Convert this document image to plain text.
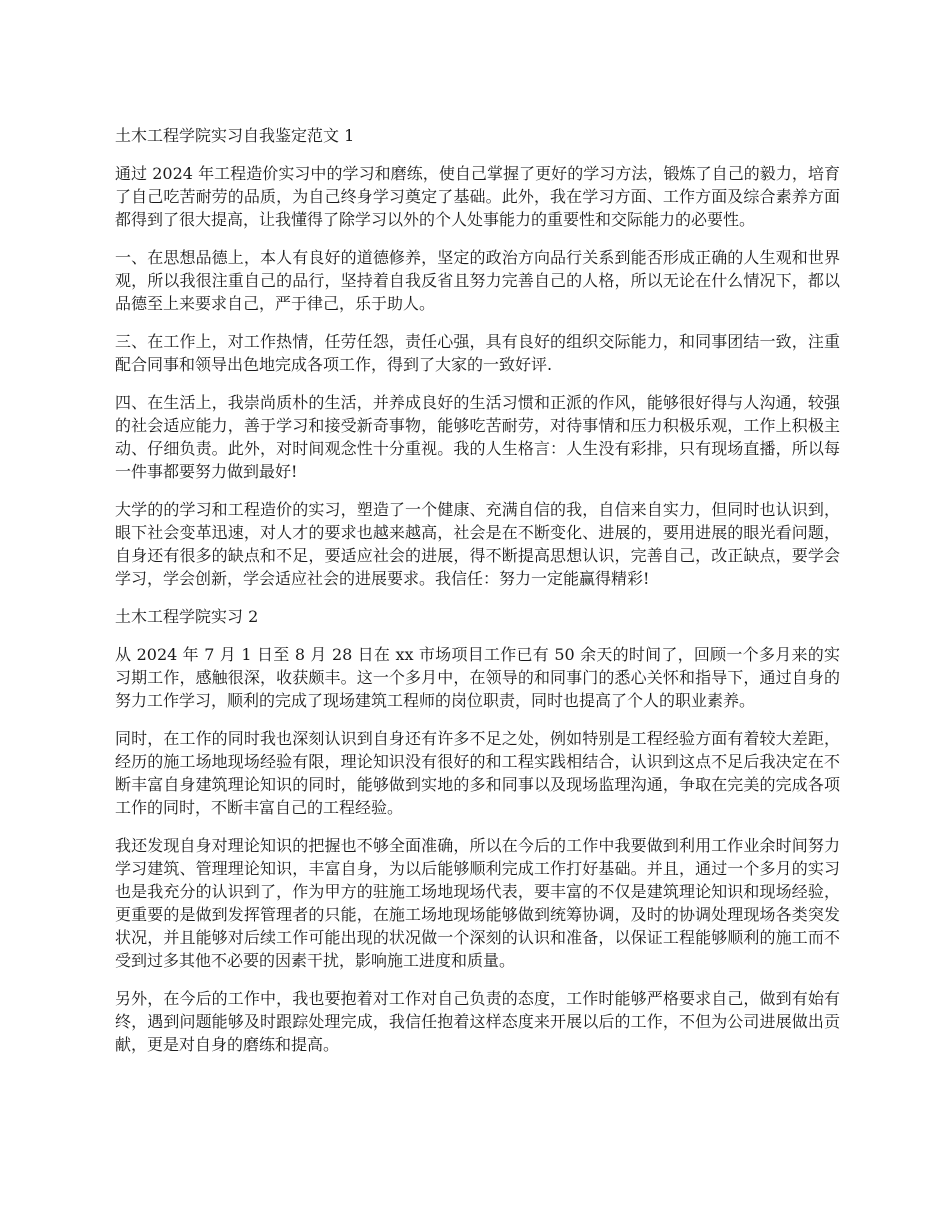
土木工程学院实习自我鉴定范文 1

通过 2024 年工程造价实习中的学习和磨练，使自己掌握了更好的学习方法，锻炼了自己的毅力，培育了自己吃苦耐劳的品质，为自己终身学习奠定了基础。此外，我在学习方面、工作方面及综合素养方面都得到了很大提高，让我懂得了除学习以外的个人处事能力的重要性和交际能力的必要性。

一、在思想品德上，本人有良好的道德修养，坚定的政治方向品行关系到能否形成正确的人生观和世界观，所以我很注重自己的品行，坚持着自我反省且努力完善自己的人格，所以无论在什么情况下，都以品德至上来要求自己，严于律己，乐于助人。

三、在工作上，对工作热情，任劳任怨，责任心强，具有良好的组织交际能力，和同事团结一致，注重配合同事和领导出色地完成各项工作，得到了大家的一致好评.

四、在生活上，我崇尚质朴的生活，并养成良好的生活习惯和正派的作风，能够很好得与人沟通，较强的社会适应能力，善于学习和接受新奇事物，能够吃苦耐劳，对待事情和压力积极乐观，工作上积极主动、仔细负责。此外，对时间观念性十分重视。我的人生格言：人生没有彩排，只有现场直播，所以每一件事都要努力做到最好!

大学的的学习和工程造价的实习，塑造了一个健康、充满自信的我，自信来自实力，但同时也认识到，眼下社会变革迅速，对人才的要求也越来越高，社会是在不断变化、进展的，要用进展的眼光看问题，自身还有很多的缺点和不足，要适应社会的进展，得不断提高思想认识，完善自己，改正缺点，要学会学习，学会创新，学会适应社会的进展要求。我信任：努力一定能赢得精彩!

土木工程学院实习 2

从 2024 年 7 月 1 日至 8 月 28 日在 xx 市场项目工作已有 50 余天的时间了，回顾一个多月来的实习期工作，感触很深，收获颇丰。这一个多月中，在领导的和同事门的悉心关怀和指导下，通过自身的努力工作学习，顺利的完成了现场建筑工程师的岗位职责，同时也提高了个人的职业素养。

同时，在工作的同时我也深刻认识到自身还有许多不足之处，例如特别是工程经验方面有着较大差距，经历的施工场地现场经验有限，理论知识没有很好的和工程实践相结合，认识到这点不足后我决定在不断丰富自身建筑理论知识的同时，能够做到实地的多和同事以及现场监理沟通，争取在完美的完成各项工作的同时，不断丰富自己的工程经验。

我还发现自身对理论知识的把握也不够全面准确，所以在今后的工作中我要做到利用工作业余时间努力学习建筑、管理理论知识，丰富自身，为以后能够顺利完成工作打好基础。并且，通过一个多月的实习也是我充分的认识到了，作为甲方的驻施工场地现场代表，要丰富的不仅是建筑理论知识和现场经验，更重要的是做到发挥管理者的只能，在施工场地现场能够做到统筹协调，及时的协调处理现场各类突发状况，并且能够对后续工作可能出现的状况做一个深刻的认识和准备，以保证工程能够顺利的施工而不受到过多其他不必要的因素干扰，影响施工进度和质量。

另外，在今后的工作中，我也要抱着对工作对自己负责的态度，工作时能够严格要求自己，做到有始有终，遇到问题能够及时跟踪处理完成，我信任抱着这样态度来开展以后的工作，不但为公司进展做出贡献，更是对自身的磨练和提高。
